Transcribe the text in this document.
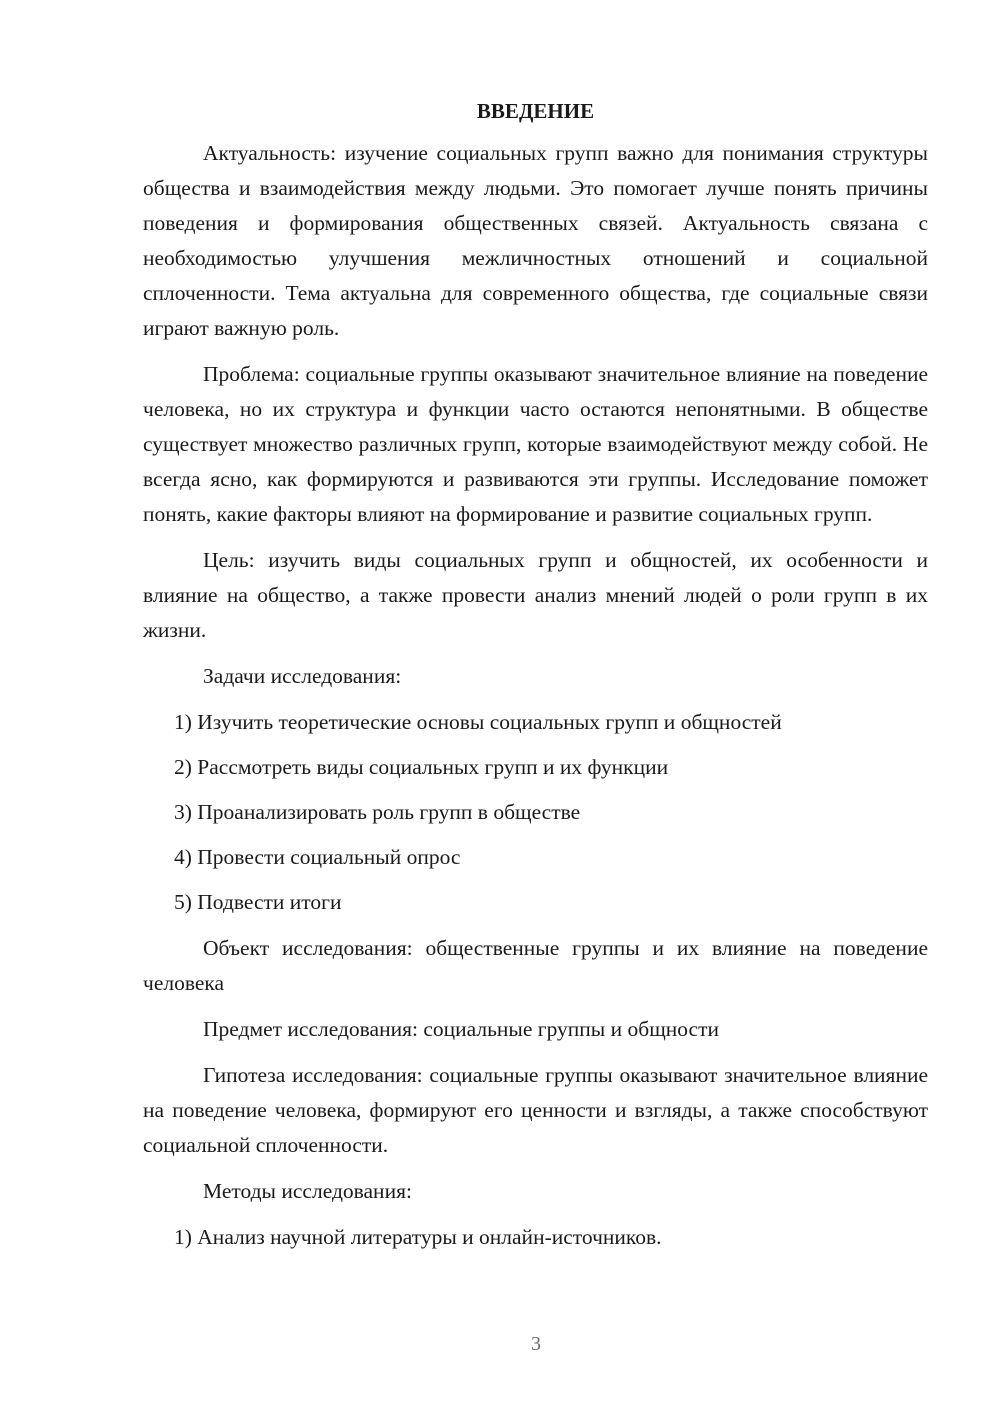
ВВЕДЕНИЕ

Актуальность: изучение социальных групп важно для понимания структуры общества и взаимодействия между людьми. Это помогает лучше понять причины поведения и формирования общественных связей. Актуальность связана с необходимостью улучшения межличностных отношений и социальной сплоченности. Тема актуальна для современного общества, где социальные связи играют важную роль.

Проблема: социальные группы оказывают значительное влияние на поведение человека, но их структура и функции часто остаются непонятными. В обществе существует множество различных групп, которые взаимодействуют между собой. Не всегда ясно, как формируются и развиваются эти группы. Исследование поможет понять, какие факторы влияют на формирование и развитие социальных групп.

Цель: изучить виды социальных групп и общностей, их особенности и влияние на общество, а также провести анализ мнений людей о роли групп в их жизни.

Задачи исследования:

1) Изучить теоретические основы социальных групп и общностей
2) Рассмотреть виды социальных групп и их функции
3) Проанализировать роль групп в обществе
4) Провести социальный опрос
5) Подвести итоги

Объект исследования: общественные группы и их влияние на поведение человека

Предмет исследования: социальные группы и общности

Гипотеза исследования: социальные группы оказывают значительное влияние на поведение человека, формируют его ценности и взгляды, а также способствуют социальной сплоченности.

Методы исследования:

1) Анализ научной литературы и онлайн-источников.
3
